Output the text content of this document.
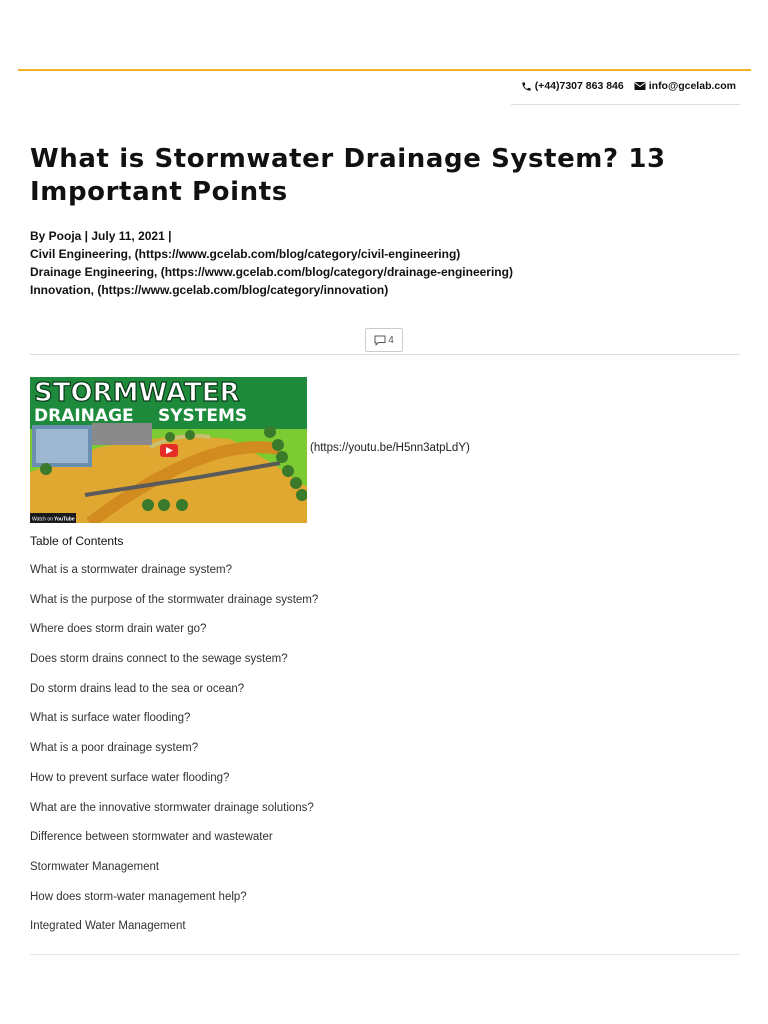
(+44)7307 863 846 info@gcelab.com
What is Stormwater Drainage System? 13 Important Points

By Pooja | July 11, 2021 |

Civil Engineering, (https://www.gcelab.com/blog/category/civil-engineering)

Drainage Engineering, (https://www.gcelab.com/blog/category/drainage-engineering)

Innovation, (https://www.gcelab.com/blog/category/innovation)

4
STORMWATER
DRAINAGE SYSTEMS
Watch on YouTube
(https://youtu.be/H5nn3atpLdY)
Table of Contents
What is a stormwater drainage system?
What is the purpose of the stormwater drainage system?
Where does storm drain water go?
Does storm drains connect to the sewage system?
Do storm drains lead to the sea or ocean?
What is surface water flooding?
What is a poor drainage system?
How to prevent surface water flooding?
What are the innovative stormwater drainage solutions?
Difference between stormwater and wastewater
Stormwater Management
How does storm-water management help?
Integrated Water Management
